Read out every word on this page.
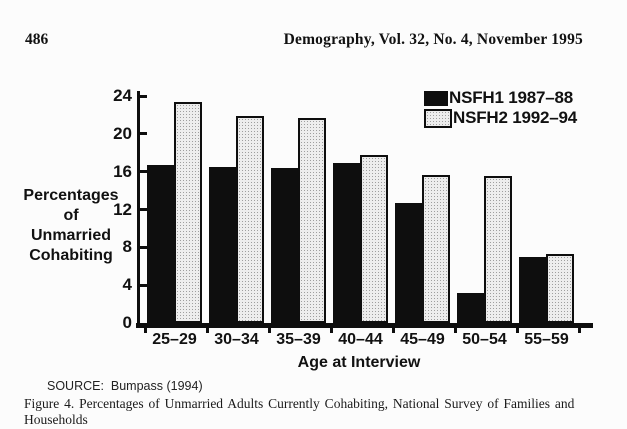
486	Demography, Vol. 32, No. 4, November 1995
Percentages
of
Unmarried
Cohabiting
0
4
8
12
16
20
24
25–29	30–34	35–39	40–44	45–49	50–54	55–59
Age at Interview
NSFH1 1987–88
NSFH2 1992–94
SOURCE:  Bumpass (1994)
Figure 4. Percentages of Unmarried Adults Currently Cohabiting, National Survey of Families and Households
